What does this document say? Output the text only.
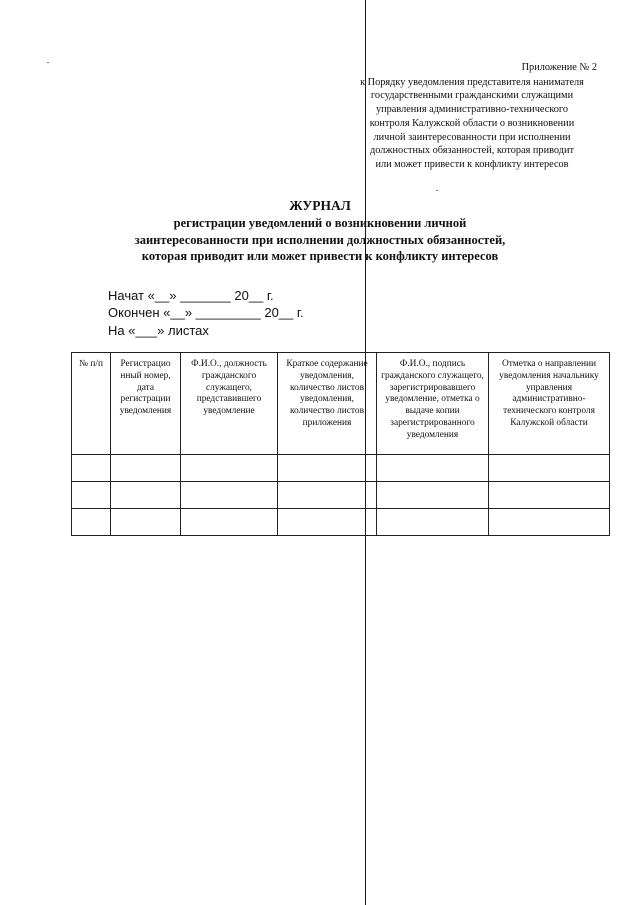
Приложение № 2
к Порядку уведомления представителя нанимателя
государственными гражданскими служащими
управления административно-технического
контроля Калужской области о возникновении
личной заинтересованности при исполнении
должностных обязанностей, которая приводит
или может привести к конфликту интересов
ЖУРНАЛ
регистрации уведомлений о возникновении личной
заинтересованности при исполнении должностных обязанностей,
которая приводит или может привести к конфликту интересов
Начат «__» _______ 20__ г.
Окончен «__» _________ 20__ г.
На «___» листах
№ п/п	Регистрацио нный номер, дата регистрации уведомления	Ф.И.О., должность гражданского служащего, представившего уведомление	Краткое содержание уведомления, количество листов уведомления, количество листов приложения	Ф.И.О., подпись гражданского служащего, зарегистрировавшего уведомление, отметка о выдаче копии зарегистрированного уведомления	Отметка о направлении уведомления начальнику управления административно-технического контроля Калужской области
